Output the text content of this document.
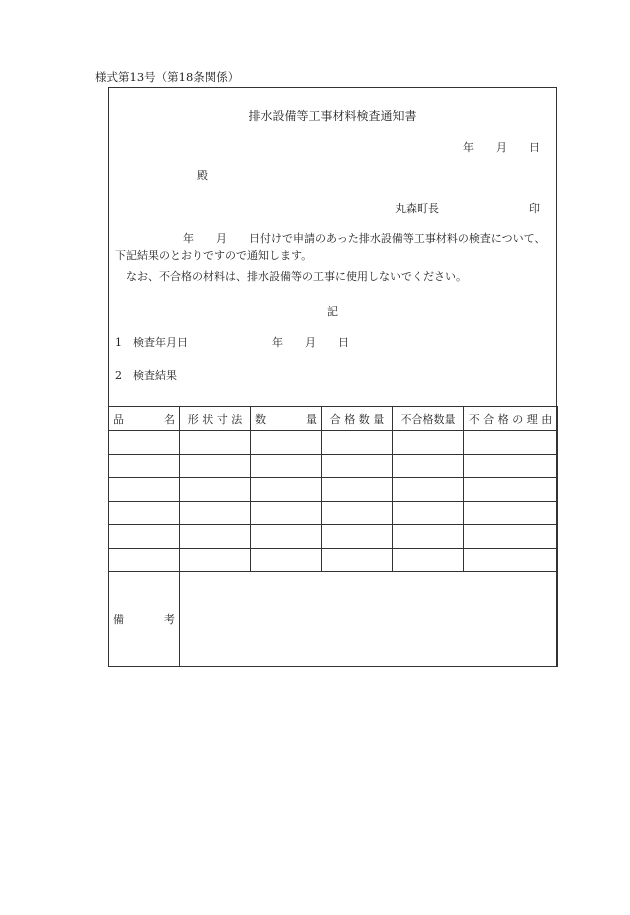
様式第13号（第18条関係）
排水設備等工事材料検査通知書
年　　月　　日
殿
丸森町長	印
年　　月　　日付けで申請のあった排水設備等工事材料の検査について、下記結果のとおりですので通知します。
なお、不合格の材料は、排水設備等の工事に使用しないでください。
記
1　検査年月日	年　　月　　日
2　検査結果
品　　名	形 状 寸 法	数　　量	合 格 数 量	不合格数量	不 合 格 の 理 由

備　　考					
